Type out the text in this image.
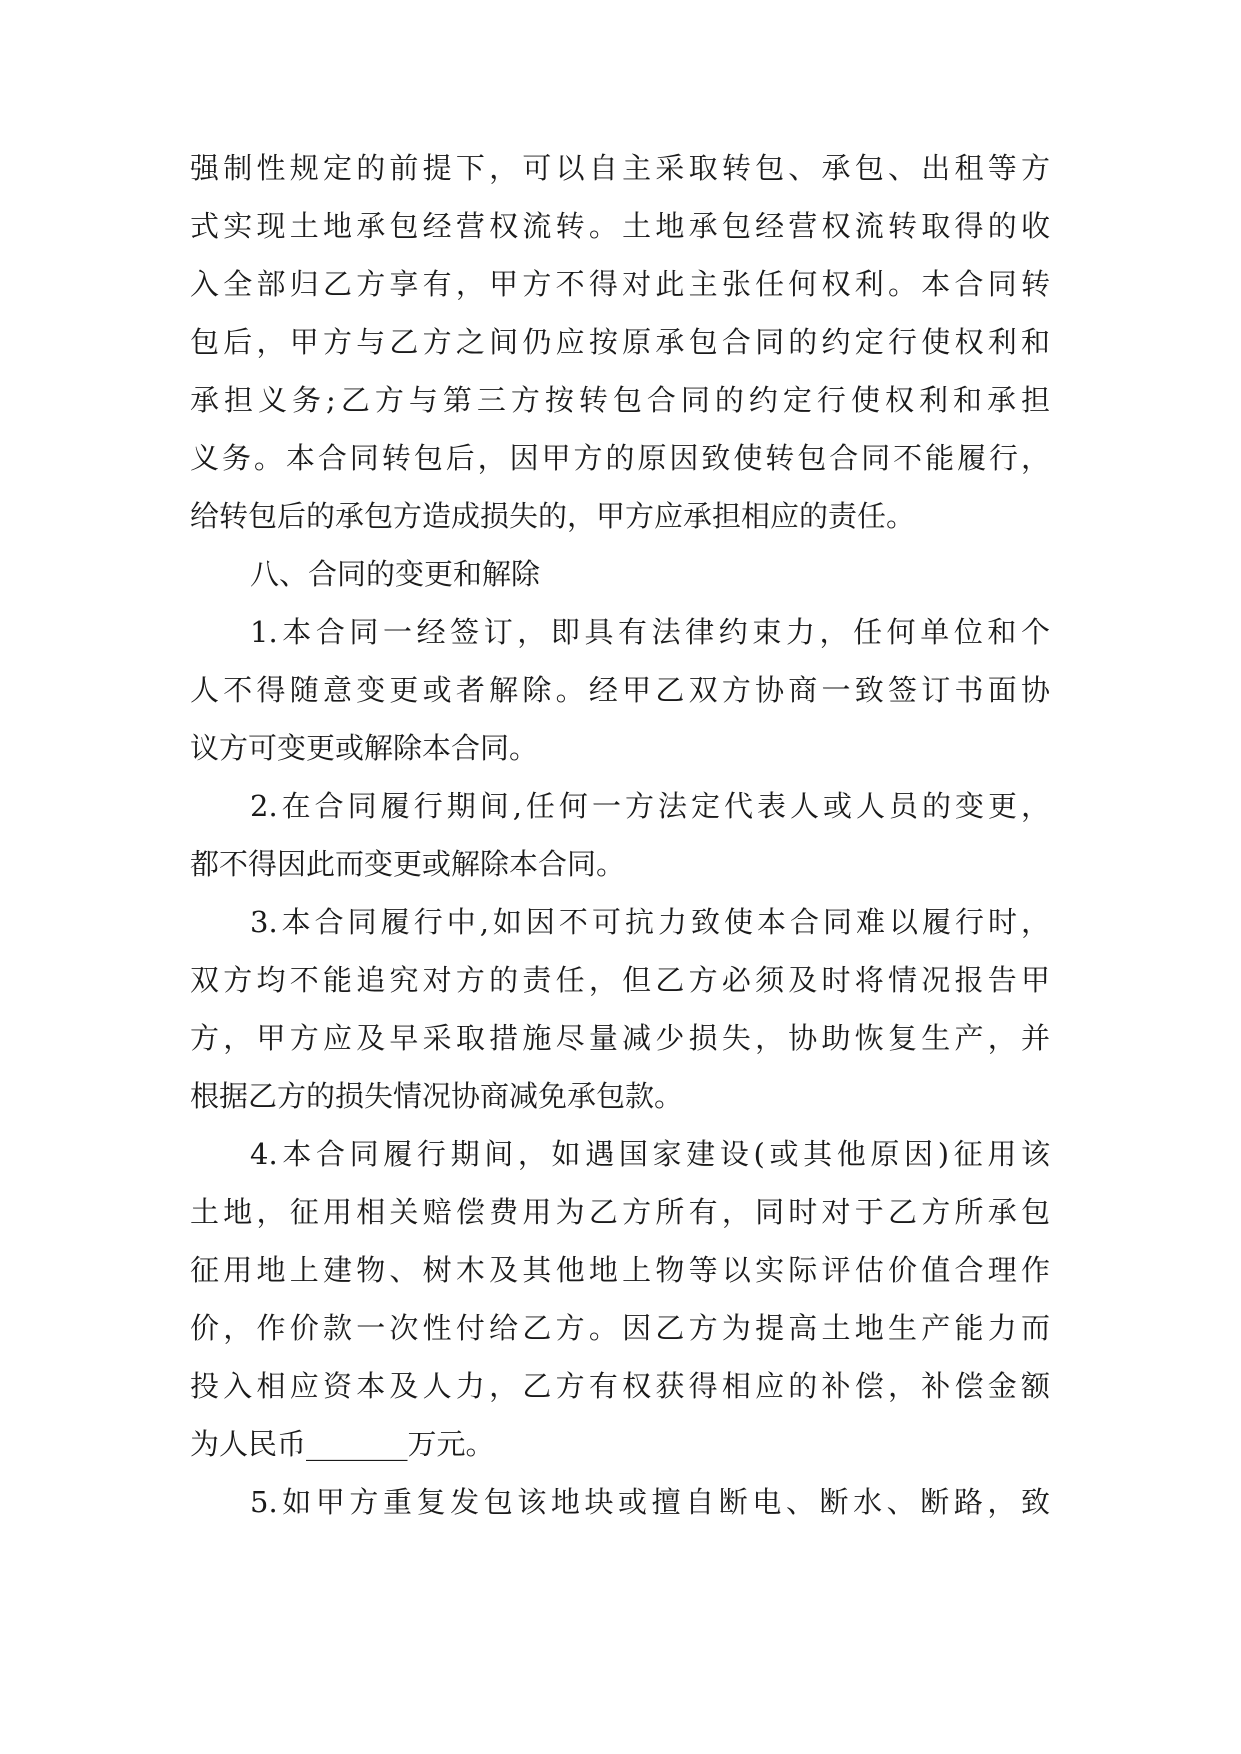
强制性规定的前提下，可以自主采取转包、承包、出租等方
式实现土地承包经营权流转。土地承包经营权流转取得的收
入全部归乙方享有，甲方不得对此主张任何权利。本合同转
包后，甲方与乙方之间仍应按原承包合同的约定行使权利和
承担义务;乙方与第三方按转包合同的约定行使权利和承担
义务。本合同转包后，因甲方的原因致使转包合同不能履行，
给转包后的承包方造成损失的，甲方应承担相应的责任。
八、合同的变更和解除
1.本合同一经签订，即具有法律约束力，任何单位和个
人不得随意变更或者解除。经甲乙双方协商一致签订书面协
议方可变更或解除本合同。
2.在合同履行期间,任何一方法定代表人或人员的变更，
都不得因此而变更或解除本合同。
3.本合同履行中,如因不可抗力致使本合同难以履行时，
双方均不能追究对方的责任，但乙方必须及时将情况报告甲
方，甲方应及早采取措施尽量减少损失，协助恢复生产，并
根据乙方的损失情况协商减免承包款。
4.本合同履行期间，如遇国家建设(或其他原因)征用该
土地，征用相关赔偿费用为乙方所有，同时对于乙方所承包
征用地上建物、树木及其他地上物等以实际评估价值合理作
价，作价款一次性付给乙方。因乙方为提高土地生产能力而
投入相应资本及人力，乙方有权获得相应的补偿，补偿金额
为人民币_______万元。
5.如甲方重复发包该地块或擅自断电、断水、断路，致
